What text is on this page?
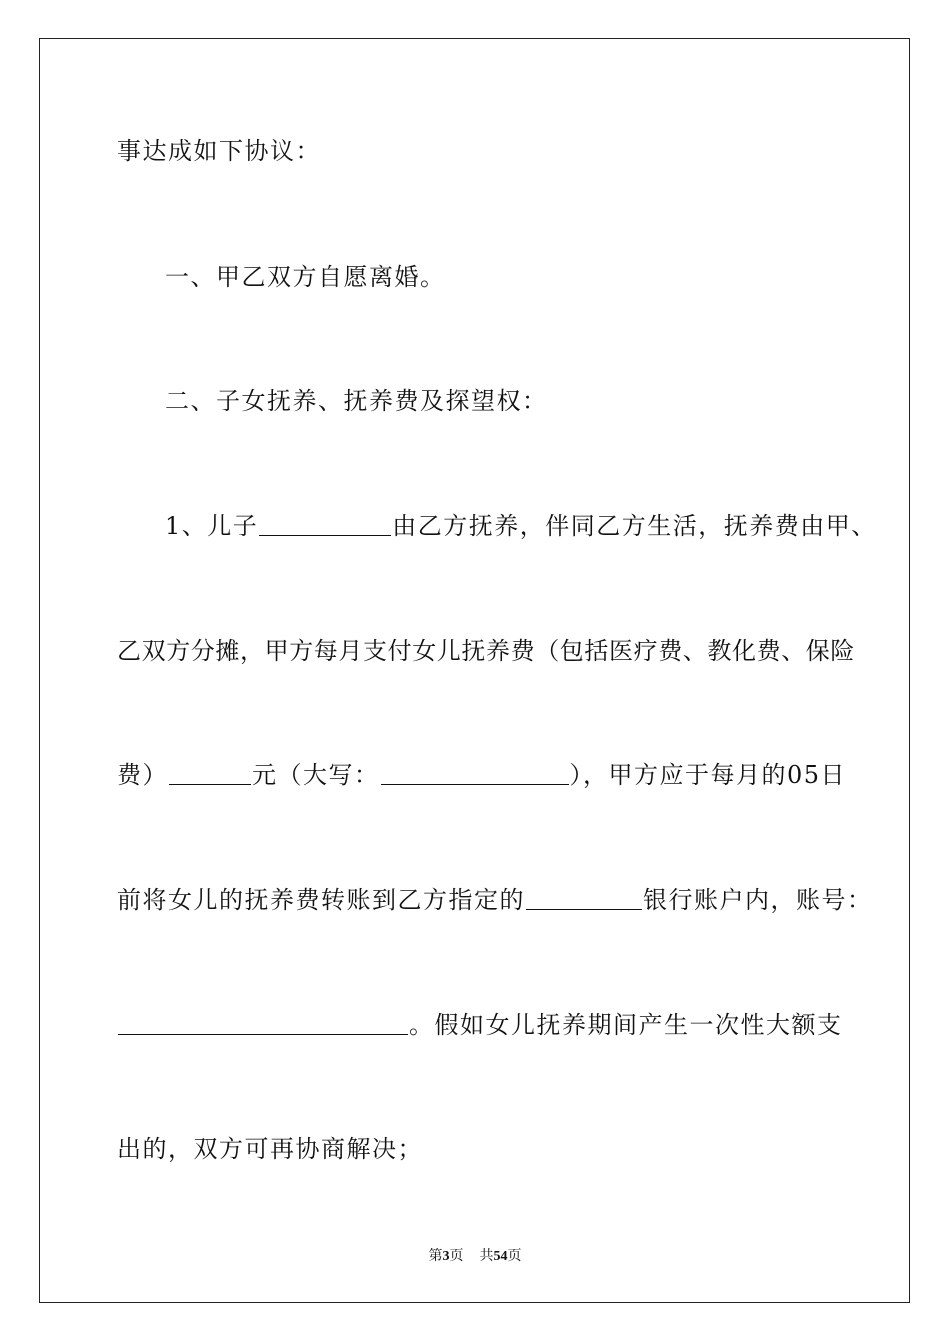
事达成如下协议：
一、甲乙双方自愿离婚。
二、子女抚养、抚养费及探望权：
1、儿子	由乙方抚养，伴同乙方生活，抚养费由甲、
乙双方分摊，甲方每月支付女儿抚养费（包括医疗费、教化费、保险
费）	元（大写：	），甲方应于每月的05日
前将女儿的抚养费转账到乙方指定的	银行账户内，账号：
。假如女儿抚养期间产生一次性大额支
出的，双方可再协商解决；
第3页 共54页
